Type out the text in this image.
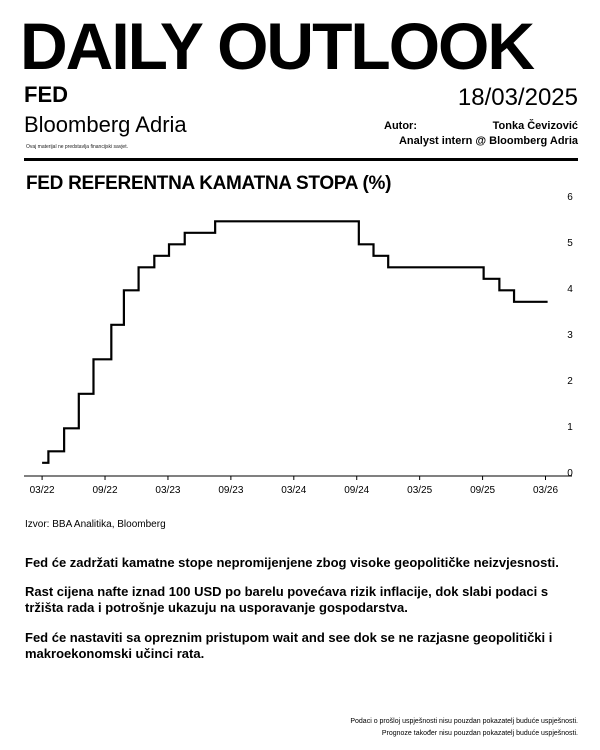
DAILY OUTLOOK
FED	18/03/2025
Bloomberg Adria
Ovaj materijal ne predstavlja financijski savjet.
Autor:	Tonka Čevizović
Analyst intern @ Bloomberg Adria
FED REFERENTNA KAMATNA STOPA (%)
03/22	09/22	03/23	09/23	03/24	09/24	03/25	09/25	03/26
0
1
2
3
4
5
6
Izvor: BBA Analitika, Bloomberg
Fed će zadržati kamatne stope nepromijenjene zbog visoke geopolitičke neizvjesnosti.
Rast cijena nafte iznad 100 USD po barelu povećava rizik inflacije, dok slabi podaci s tržišta rada i potrošnje ukazuju na usporavanje gospodarstva.
Fed će nastaviti sa opreznim pristupom wait and see dok se ne razjasne geopolitički i makroekonomski učinci rata.
Podaci o prošlој uspješnosti nisu pouzdan pokazatelj buduće uspješnosti.
Prognoze također nisu pouzdan pokazatelj buduće uspješnosti.
